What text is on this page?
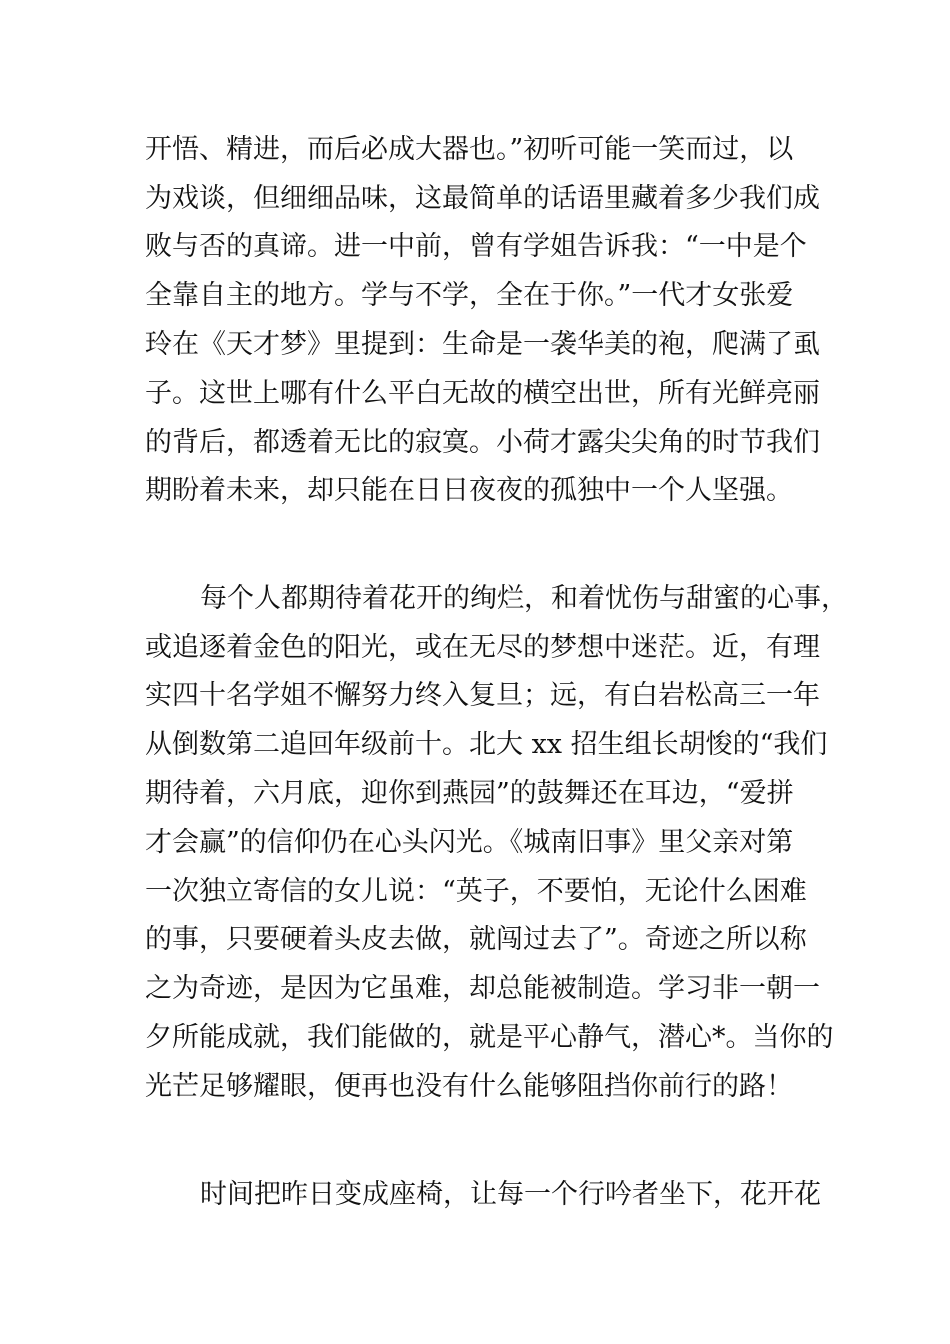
开悟、精进，而后必成大器也。”初听可能一笑而过，以
为戏谈，但细细品味，这最简单的话语里藏着多少我们成
败与否的真谛。进一中前，曾有学姐告诉我：“一中是个
全靠自主的地方。学与不学，全在于你。”一代才女张爱
玲在《天才梦》里提到：生命是一袭华美的袍，爬满了虱
子。这世上哪有什么平白无故的横空出世，所有光鲜亮丽
的背后，都透着无比的寂寞。小荷才露尖尖角的时节我们
期盼着未来，却只能在日日夜夜的孤独中一个人坚强。
每个人都期待着花开的绚烂，和着忧伤与甜蜜的心事，
或追逐着金色的阳光，或在无尽的梦想中迷茫。近，有理
实四十名学姐不懈努力终入复旦；远，有白岩松高三一年
从倒数第二追回年级前十。北大 xx 招生组长胡悛的“我们
期待着，六月底，迎你到燕园”的鼓舞还在耳边，“爱拼
才会赢”的信仰仍在心头闪光。《城南旧事》里父亲对第
一次独立寄信的女儿说：“英子，不要怕，无论什么困难
的事，只要硬着头皮去做，就闯过去了”。奇迹之所以称
之为奇迹，是因为它虽难，却总能被制造。学习非一朝一
夕所能成就，我们能做的，就是平心静气，潜心*。当你的
光芒足够耀眼，便再也没有什么能够阻挡你前行的路！
时间把昨日变成座椅，让每一个行吟者坐下，花开花
